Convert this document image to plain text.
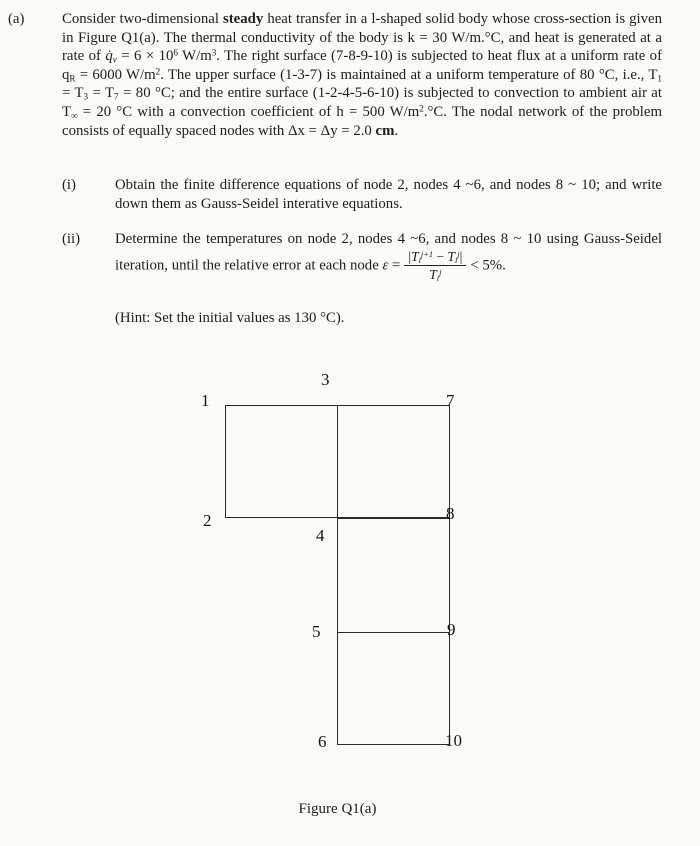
(a)	Consider two-dimensional steady heat transfer in a l-shaped solid body whose cross-section is given in Figure Q1(a). The thermal conductivity of the body is k = 30 W/m.°C, and heat is generated at a rate of $q̇_v = 6 \times 10^6$ $W/m^3$. The right surface (7-8-9-10) is subjected to heat flux at a uniform rate of $q_R = 6000$ $W/m^2$. The upper surface (1-3-7) is maintained at a uniform temperature of 80 °C, i.e., $T_1 = T_3 = T_7 = 80$ °C; and the entire surface (1-2-4-5-6-10) is subjected to convection to ambient air at $T_\infty = 20$ °C with a convection coefficient of h = 500 $W/m^2.^\circ C$. The nodal network of the problem consists of equally spaced nodes with Δx = Δy = 2.0 cm.
(i)	Obtain the finite difference equations of node 2, nodes 4 ~6, and nodes 8 ~ 10; and write down them as Gauss-Seidel interative equations.
(ii)	Determine the temperatures on node 2, nodes 4 ~6, and nodes 8 ~ 10 using Gauss-Seidel iteration, until the relative error at each node $\varepsilon = \frac{|T_i^{j+1} - T_i^j|}{T_i^j} < 5\%$.
(Hint: Set the initial values as 130 °C).
1
2
3
4
5
6
7
8
9
10
Figure Q1(a)
